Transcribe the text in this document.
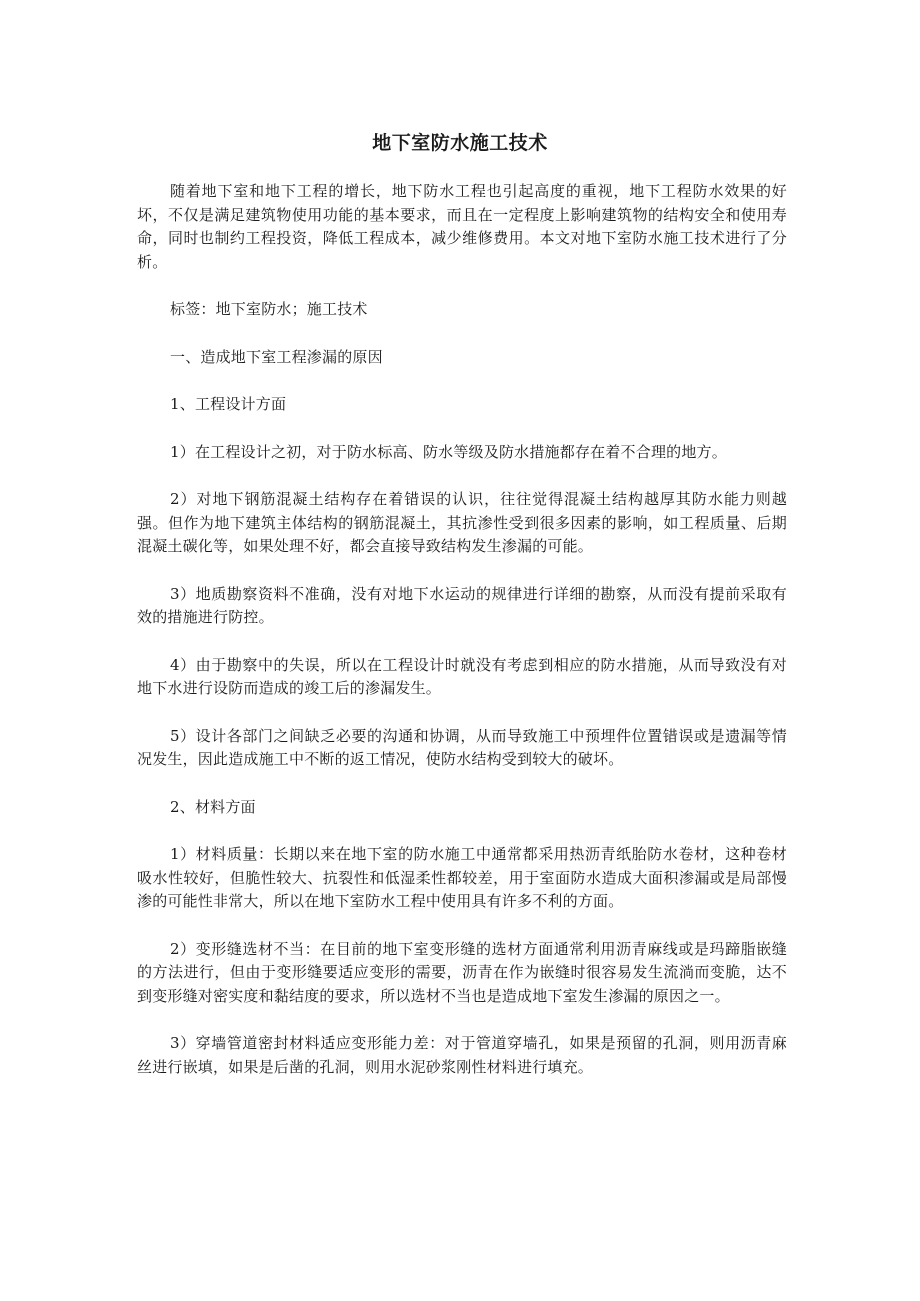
地下室防水施工技术

随着地下室和地下工程的增长，地下防水工程也引起高度的重视，地下工程防水效果的好坏，不仅是满足建筑物使用功能的基本要求，而且在一定程度上影响建筑物的结构安全和使用寿命，同时也制约工程投资，降低工程成本，减少维修费用。本文对地下室防水施工技术进行了分析。

标签：地下室防水；施工技术

一、造成地下室工程渗漏的原因

1、工程设计方面

1）在工程设计之初，对于防水标高、防水等级及防水措施都存在着不合理的地方。

2）对地下钢筋混凝土结构存在着错误的认识，往往觉得混凝土结构越厚其防水能力则越强。但作为地下建筑主体结构的钢筋混凝土，其抗渗性受到很多因素的影响，如工程质量、后期混凝土碳化等，如果处理不好，都会直接导致结构发生渗漏的可能。

3）地质勘察资料不准确，没有对地下水运动的规律进行详细的勘察，从而没有提前采取有效的措施进行防控。

4）由于勘察中的失误，所以在工程设计时就没有考虑到相应的防水措施，从而导致没有对地下水进行设防而造成的竣工后的渗漏发生。

5）设计各部门之间缺乏必要的沟通和协调，从而导致施工中预埋件位置错误或是遗漏等情况发生，因此造成施工中不断的返工情况，使防水结构受到较大的破坏。

2、材料方面

1）材料质量：长期以来在地下室的防水施工中通常都采用热沥青纸胎防水卷材，这种卷材吸水性较好，但脆性较大、抗裂性和低湿柔性都较差，用于室面防水造成大面积渗漏或是局部慢渗的可能性非常大，所以在地下室防水工程中使用具有许多不利的方面。

2）变形缝选材不当：在目前的地下室变形缝的选材方面通常利用沥青麻线或是玛蹄脂嵌缝的方法进行，但由于变形缝要适应变形的需要，沥青在作为嵌缝时很容易发生流淌而变脆，达不到变形缝对密实度和黏结度的要求，所以选材不当也是造成地下室发生渗漏的原因之一。

3）穿墙管道密封材料适应变形能力差：对于管道穿墙孔，如果是预留的孔洞，则用沥青麻丝进行嵌填，如果是后凿的孔洞，则用水泥砂浆刚性材料进行填充。
